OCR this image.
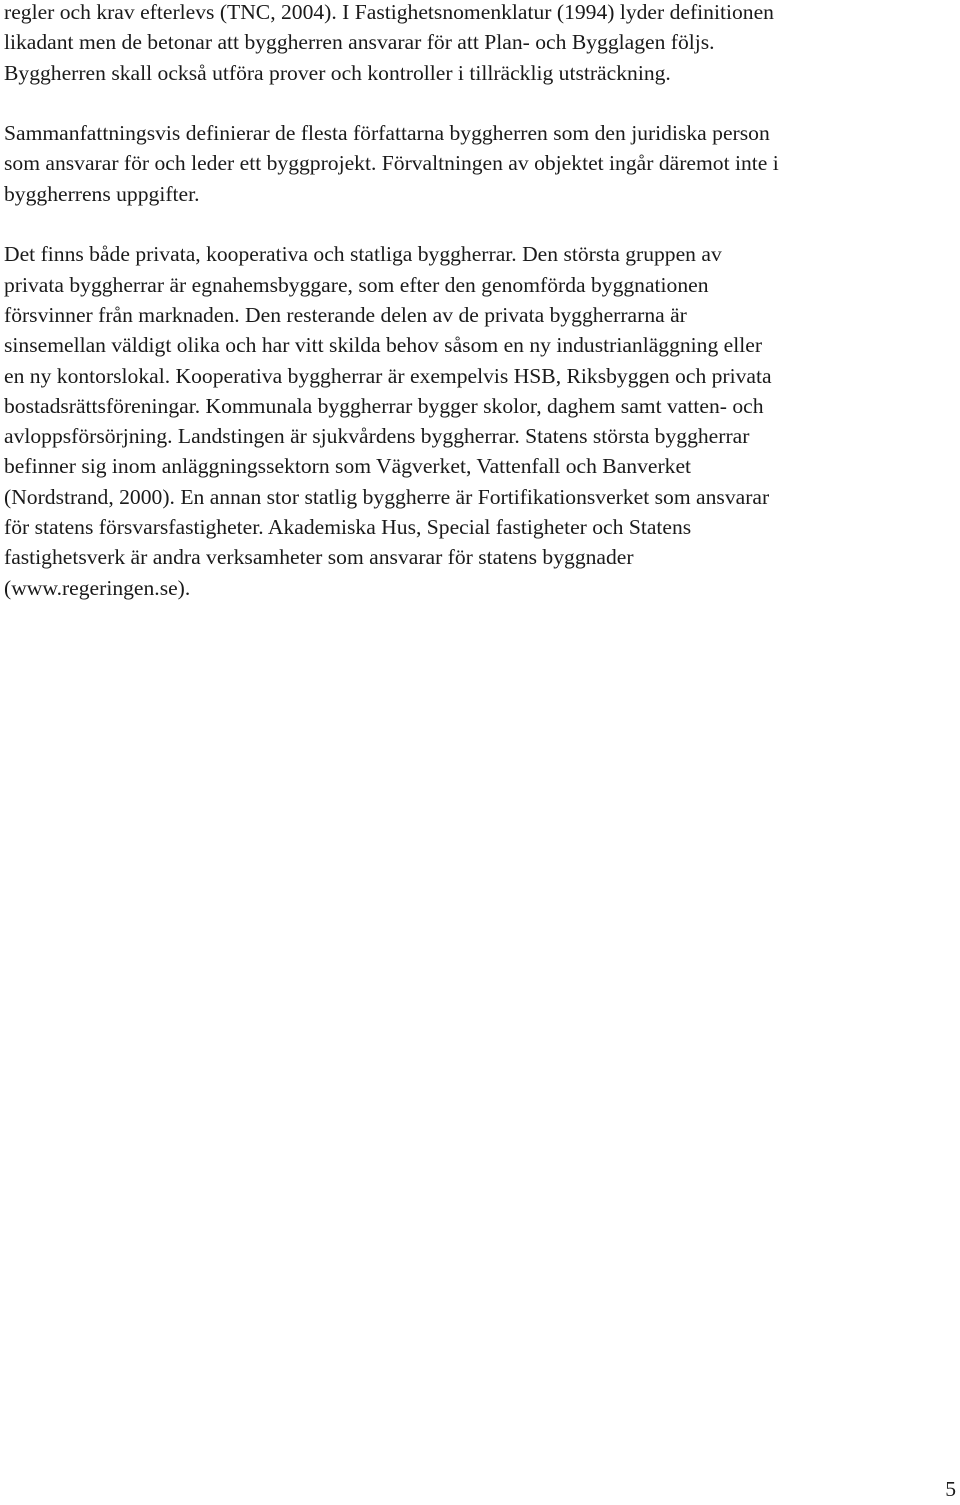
regler och krav efterlevs (TNC, 2004). I Fastighetsnomenklatur (1994) lyder definitionen
likadant men de betonar att byggherren ansvarar för att Plan- och Bygglagen följs.
Byggherren skall också utföra prover och kontroller i tillräcklig utsträckning.
Sammanfattningsvis definierar de flesta författarna byggherren som den juridiska person
som ansvarar för och leder ett byggprojekt. Förvaltningen av objektet ingår däremot inte i
byggherrens uppgifter.
Det finns både privata, kooperativa och statliga byggherrar. Den största gruppen av
privata byggherrar är egnahemsbyggare, som efter den genomförda byggnationen
försvinner från marknaden. Den resterande delen av de privata byggherrarna är
sinsemellan väldigt olika och har vitt skilda behov såsom en ny industrianläggning eller
en ny kontorslokal. Kooperativa byggherrar är exempelvis HSB, Riksbyggen och privata
bostadsrättsföreningar. Kommunala byggherrar bygger skolor, daghem samt vatten- och
avloppsförsörjning. Landstingen är sjukvårdens byggherrar. Statens största byggherrar
befinner sig inom anläggningssektorn som Vägverket, Vattenfall och Banverket
(Nordstrand, 2000). En annan stor statlig byggherre är Fortifikationsverket som ansvarar
för statens försvarsfastigheter. Akademiska Hus, Special fastigheter och Statens
fastighetsverk är andra verksamheter som ansvarar för statens byggnader
(www.regeringen.se).
5
